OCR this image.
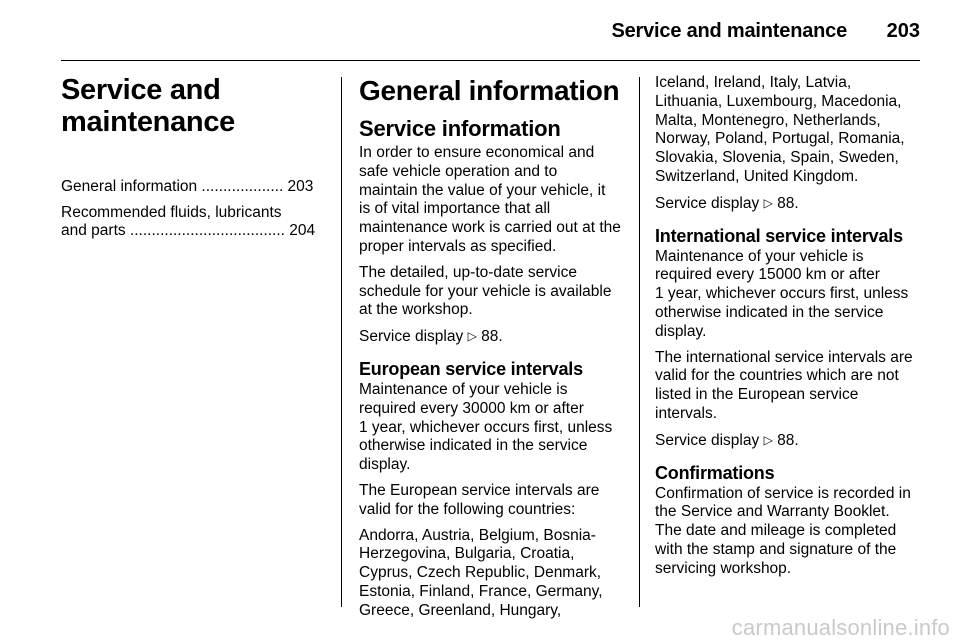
Service and maintenance	203
Service and
maintenance
General information ................... 203
Recommended fluids, lubricants
and parts .................................... 204
General information
Service information

In order to ensure economical and
safe vehicle operation and to
maintain the value of your vehicle, it
is of vital importance that all
maintenance work is carried out at the
proper intervals as specified.

The detailed, up-to-date service
schedule for your vehicle is available
at the workshop.

Service display ▷ 88.

European service intervals

Maintenance of your vehicle is
required every 30000 km or after
1 year, whichever occurs first, unless
otherwise indicated in the service
display.

The European service intervals are
valid for the following countries:

Andorra, Austria, Belgium, Bosnia-
Herzegovina, Bulgaria, Croatia,
Cyprus, Czech Republic, Denmark,
Estonia, Finland, France, Germany,
Greece, Greenland, Hungary,

Iceland, Ireland, Italy, Latvia,
Lithuania, Luxembourg, Macedonia,
Malta, Montenegro, Netherlands,
Norway, Poland, Portugal, Romania,
Slovakia, Slovenia, Spain, Sweden,
Switzerland, United Kingdom.

Service display ▷ 88.

International service intervals

Maintenance of your vehicle is
required every 15000 km or after
1 year, whichever occurs first, unless
otherwise indicated in the service
display.

The international service intervals are
valid for the countries which are not
listed in the European service
intervals.

Service display ▷ 88.

Confirmations

Confirmation of service is recorded in
the Service and Warranty Booklet.
The date and mileage is completed
with the stamp and signature of the
servicing workshop.

carmanualsonline.info
